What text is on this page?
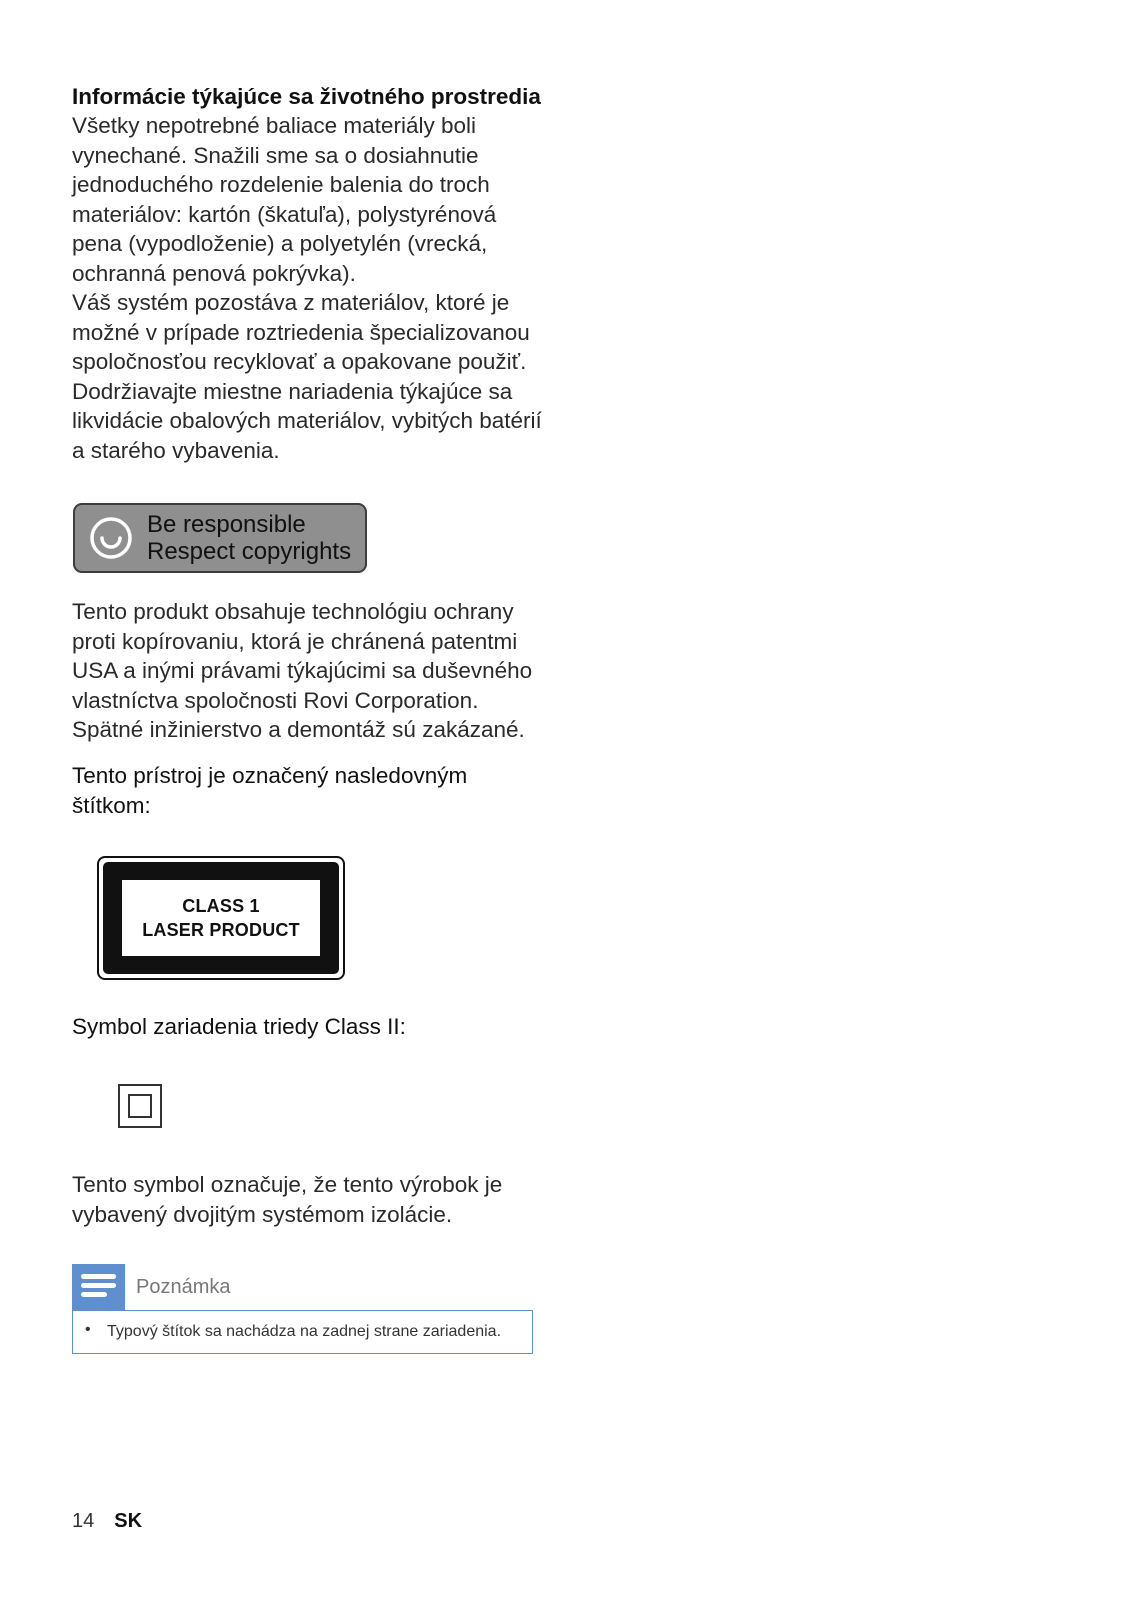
Informácie týkajúce sa životného prostredia

Všetky nepotrebné baliace materiály boli vynechané. Snažili sme sa o dosiahnutie jednoduchého rozdelenie balenia do troch materiálov: kartón (škatuľa), polystyrénová pena (vypodloženie) a polyetylén (vrecká, ochranná penová pokrývka).

Váš systém pozostáva z materiálov, ktoré je možné v prípade roztriedenia špecializovanou spoločnosťou recyklovať a opakovane použiť. Dodržiavajte miestne nariadenia týkajúce sa likvidácie obalových materiálov, vybitých batérií a starého vybavenia.

Be responsible
Respect copyrights

Tento produkt obsahuje technológiu ochrany proti kopírovaniu, ktorá je chránená patentmi USA a inými právami týkajúcimi sa duševného vlastníctva spoločnosti Rovi Corporation. Spätné inžinierstvo a demontáž sú zakázané.

Tento prístroj je označený nasledovným štítkom:

CLASS 1
LASER PRODUCT

Symbol zariadenia triedy Class II:

Tento symbol označuje, že tento výrobok je vybavený dvojitým systémom izolácie.

Poznámka
• Typový štítok sa nachádza na zadnej strane zariadenia.
14 SK
